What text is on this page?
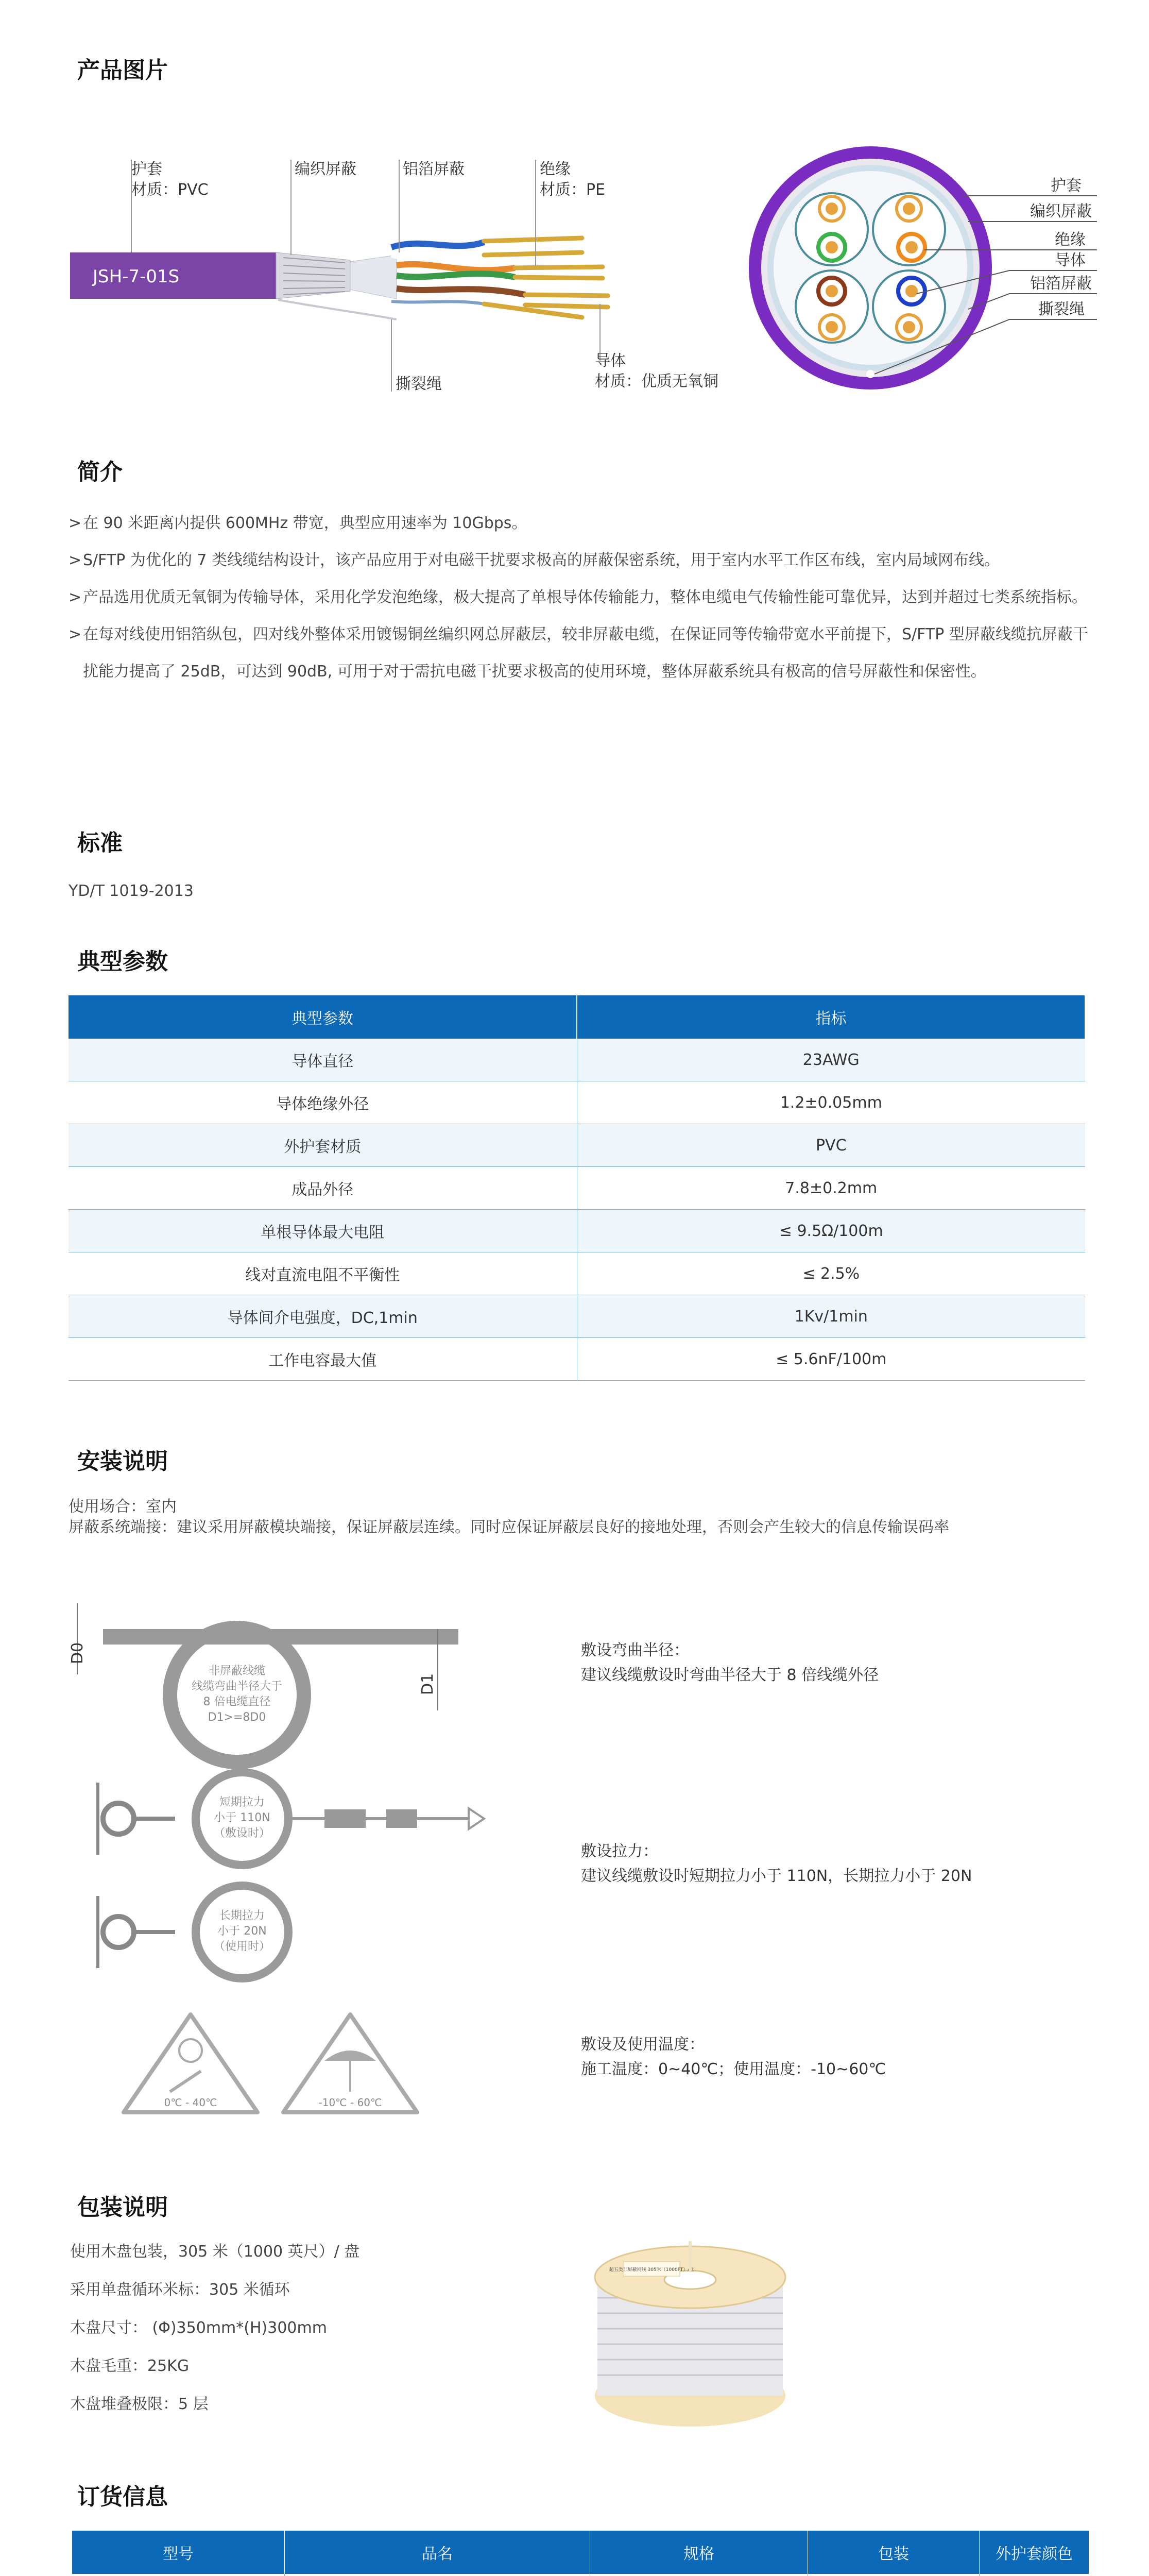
产品图片
JSH-7-01S
护套
材质：PVC
编织屏蔽	铝箔屏蔽	绝缘
材质：PE
撕裂绳
导体
材质：优质无氧铜
护套
编织屏蔽
绝缘
导体
铝箔屏蔽
撕裂绳
简介
> 在 90 米距离内提供 600MHz 带宽，典型应用速率为 10Gbps。
> S/FTP 为优化的 7 类线缆结构设计，该产品应用于对电磁干扰要求极高的屏蔽保密系统，用于室内水平工作区布线，室内局域网布线。
> 产品选用优质无氧铜为传输导体，采用化学发泡绝缘，极大提高了单根导体传输能力，整体电缆电气传输性能可靠优异，达到并超过七类系统指标。
> 在每对线使用铝箔纵包，四对线外整体采用镀锡铜丝编织网总屏蔽层，较非屏蔽电缆，在保证同等传输带宽水平前提下，S/FTP 型屏蔽线缆抗屏蔽干扰能力提高了 25dB，可达到 90dB, 可用于对于需抗电磁干扰要求极高的使用环境，整体屏蔽系统具有极高的信号屏蔽性和保密性。
标准
YD/T 1019-2013
典型参数
典型参数	指标
导体直径	23AWG
导体绝缘外径	1.2±0.05mm
外护套材质	PVC
成品外径	7.8±0.2mm
单根导体最大电阻	≤ 9.5Ω/100m
线对直流电阻不平衡性	≤ 2.5%
导体间介电强度，DC,1min	1Kv/1min
工作电容最大值	≤ 5.6nF/100m
安装说明
使用场合：室内
屏蔽系统端接：建议采用屏蔽模块端接，保证屏蔽层连续。同时应保证屏蔽层良好的接地处理，否则会产生较大的信息传输误码率
D0
D1
非屏蔽线缆
线缆弯曲半径大于
8 倍电缆直径
D1>=8D0
短期拉力
小于 110N
（敷设时）
长期拉力
小于 20N
（使用时）
0℃ - 40℃	-10℃ - 60℃
敷设弯曲半径：
建议线缆敷设时弯曲半径大于 8 倍线缆外径
敷设拉力：
建议线缆敷设时短期拉力小于 110N，长期拉力小于 20N
敷设及使用温度：
施工温度：0~40℃；使用温度：-10~60℃
包装说明
使用木盘包装，305 米（1000 英尺）/ 盘
采用单盘循环米标：305 米循环
木盘尺寸： (Φ)350mm*(H)300mm
木盘毛重：25KG
木盘堆叠极限：5 层
超五类非屏蔽网线 305米（1000FT）/盘
订货信息
型号	品名	规格	包装	外护套颜色
